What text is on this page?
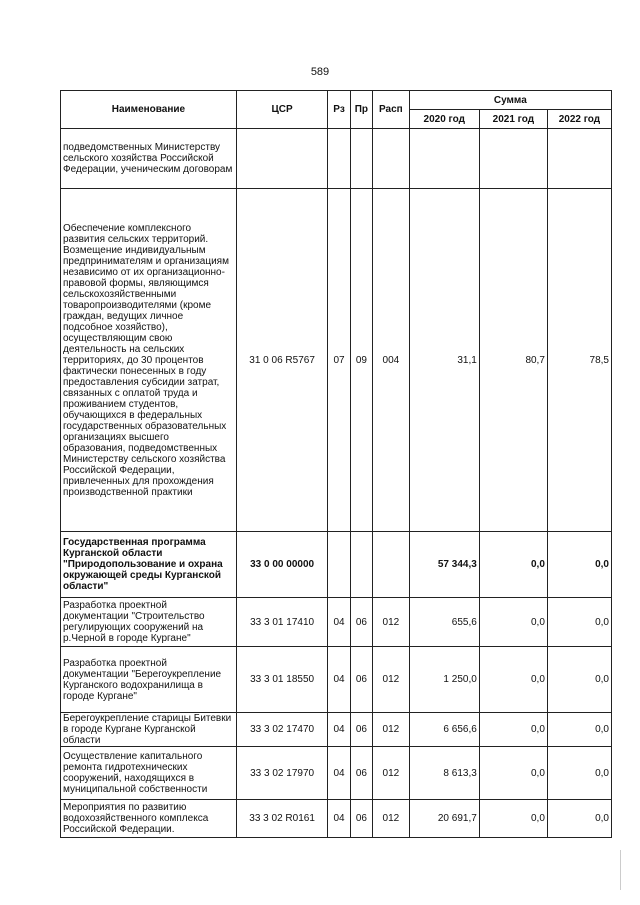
589
Наименование	ЦСР	Рз	Пр	Расп	Сумма		
					2020 год	2021 год	2022 год
подведомственных Министерству сельского хозяйства Российской Федерации, ученическим договорам							
Обеспечение комплексного развития сельских территорий. Возмещение индивидуальным предпринимателям и организациям независимо от их организационно-правовой формы, являющимся сельскохозяйственными товаропроизводителями (кроме граждан, ведущих личное подсобное хозяйство), осуществляющим свою деятельность на сельских территориях, до 30 процентов фактически понесенных в году предоставления субсидии затрат, связанных с оплатой труда и проживанием студентов, обучающихся в федеральных государственных образовательных организациях высшего образования, подведомственных Министерству сельского хозяйства Российской Федерации, привлеченных для прохождения производственной практики	31 0 06 R5767	07	09	004	31,1	80,7	78,5
Государственная программа Курганской области "Природопользование и охрана окружающей среды Курганской области"	33 0 00 00000				57 344,3	0,0	0,0
Разработка проектной документации "Строительство регулирующих сооружений на р.Черной в городе Кургане"	33 3 01 17410	04	06	012	655,6	0,0	0,0
Разработка проектной документации "Берегоукрепление Курганского водохранилища в городе Кургане"	33 3 01 18550	04	06	012	1 250,0	0,0	0,0
Берегоукрепление старицы Битевки в городе Кургане Курганской области	33 3 02 17470	04	06	012	6 656,6	0,0	0,0
Осуществление капитального ремонта гидротехнических сооружений, находящихся в муниципальной собственности	33 3 02 17970	04	06	012	8 613,3	0,0	0,0
Мероприятия по развитию водохозяйственного комплекса Российской Федерации.	33 3 02 R0161	04	06	012	20 691,7	0,0	0,0
